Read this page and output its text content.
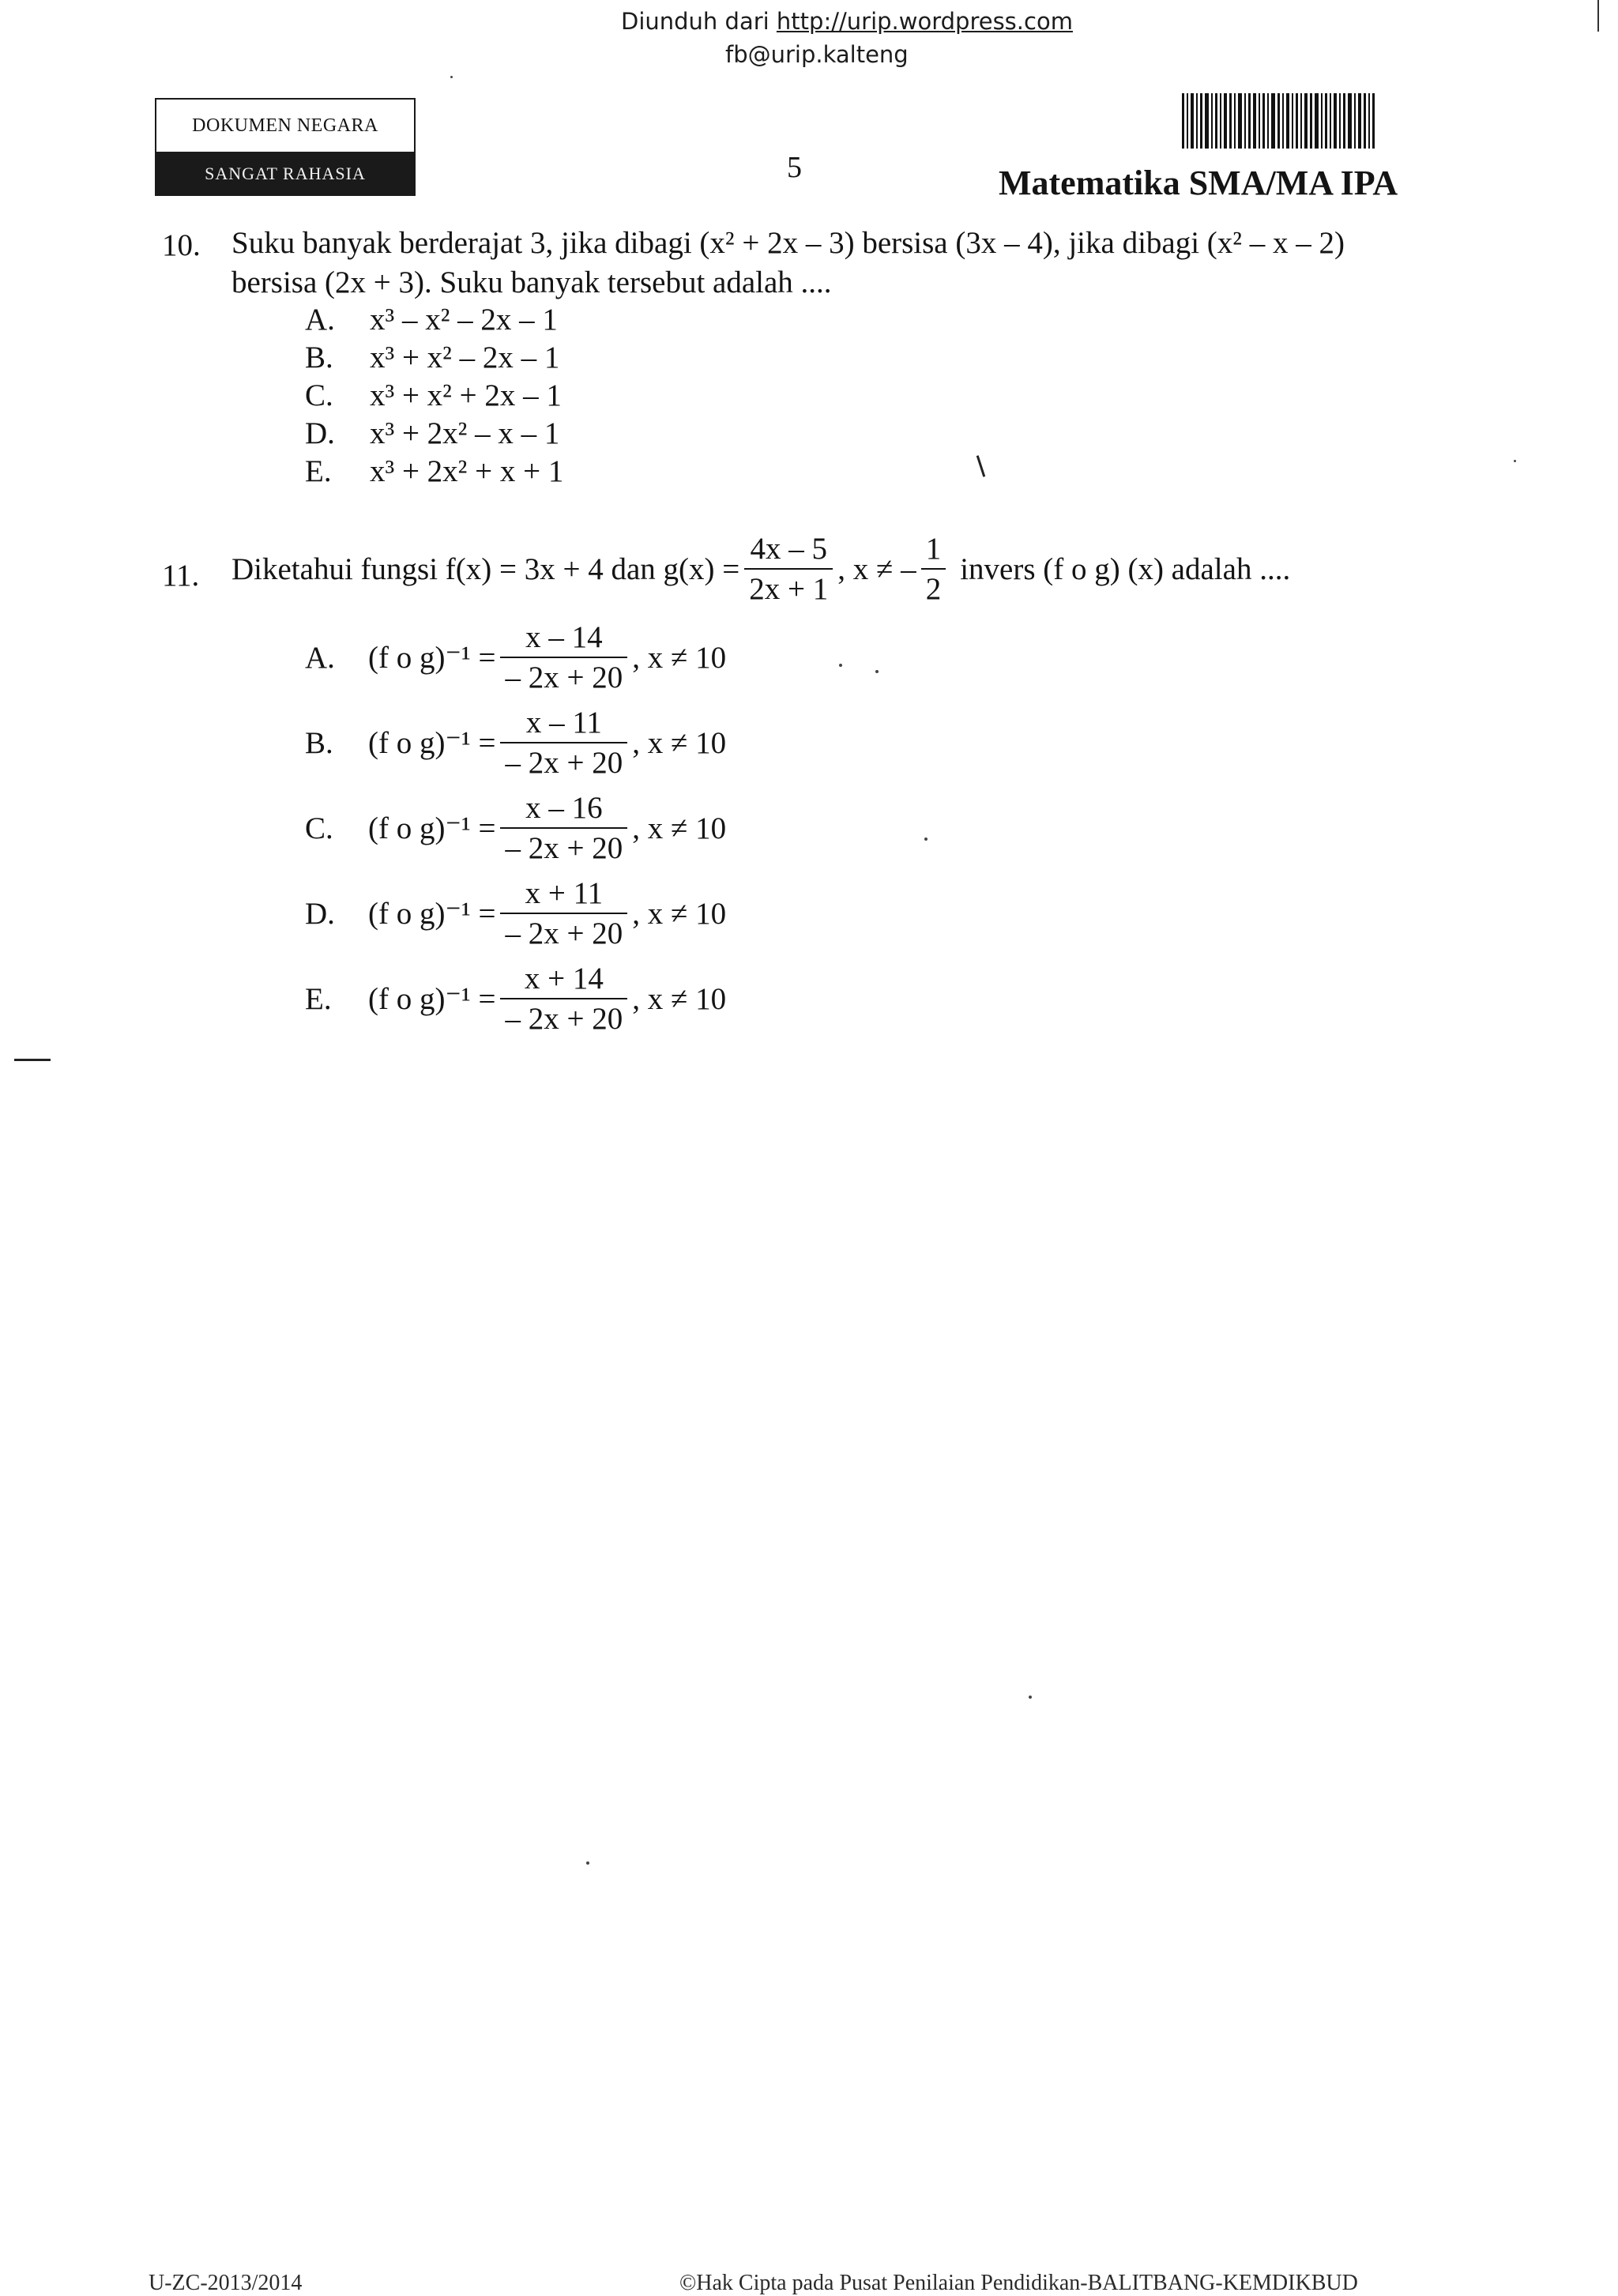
Diunduh dari http://urip.wordpress.com
fb@urip.kalteng
DOKUMEN NEGARA
SANGAT RAHASIA	5	Matematika SMA/MA IPA
10. Suku banyak berderajat 3, jika dibagi (x² + 2x – 3) bersisa (3x – 4), jika dibagi (x² – x – 2)
bersisa (2x + 3). Suku banyak tersebut adalah ....
A. x³ – x² – 2x – 1
B. x³ + x² – 2x – 1
C. x³ + x² + 2x – 1
D. x³ + 2x² – x – 1
E. x³ + 2x² + x + 1
11. Diketahui fungsi f(x) = 3x + 4 dan $g(x) = \frac{4x - 5}{2x + 1}$ , x ≠ – $\frac{1}{2}$ invers (f o g) (x) adalah ....
A.	(f o $g)^{-1} = \frac{x - 14}{- 2x + 20}$ , x ≠ 10
B.	(f o $g)^{-1} = \frac{x - 11}{- 2x + 20}$ , x ≠ 10
C.	(f o $g)^{-1} = \frac{x - 16}{- 2x + 20}$ , x ≠ 10
D.	(f o $g)^{-1} = \frac{x + 11}{- 2x + 20}$ , x ≠ 10
E.	(f o $g)^{-1} = \frac{x + 14}{- 2x + 20}$ , x ≠ 10
U-ZC-2013/2014	©Hak Cipta pada Pusat Penilaian Pendidikan-BALITBANG-KEMDIKBUD
